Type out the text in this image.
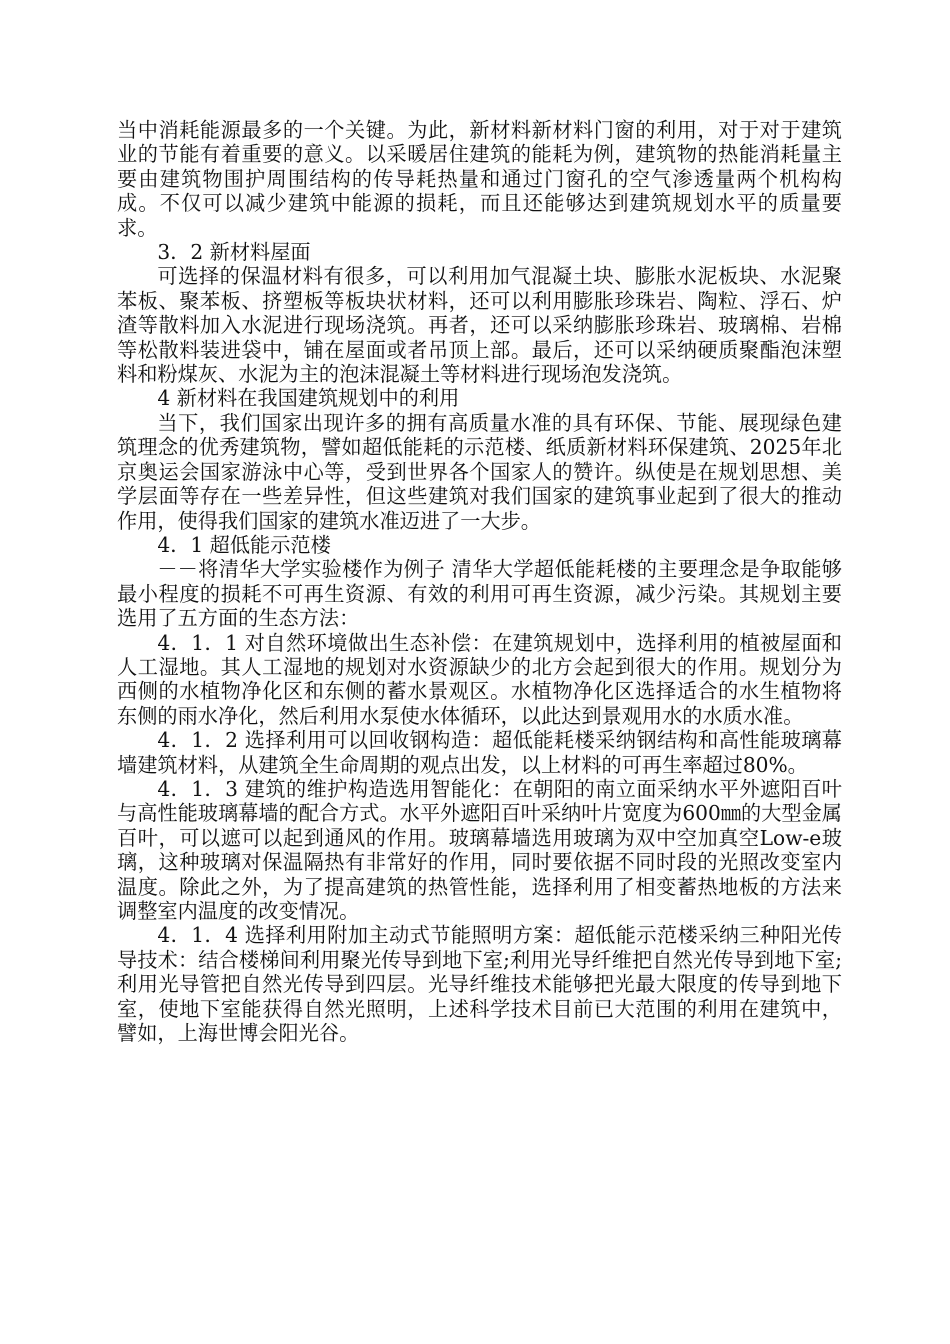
当中消耗能源最多的一个关键。为此，新材料新材料门窗的利用，对于对于建筑业的节能有着重要的意义。以采暖居住建筑的能耗为例，建筑物的热能消耗量主要由建筑物围护周围结构的传导耗热量和通过门窗孔的空气渗透量两个机构构成。不仅可以减少建筑中能源的损耗，而且还能够达到建筑规划水平的质量要求。

3．2 新材料屋面

可选择的保温材料有很多，可以利用加气混凝土块、膨胀水泥板块、水泥聚苯板、聚苯板、挤塑板等板块状材料，还可以利用膨胀珍珠岩、陶粒、浮石、炉渣等散料加入水泥进行现场浇筑。再者，还可以采纳膨胀珍珠岩、玻璃棉、岩棉等松散料装进袋中，铺在屋面或者吊顶上部。最后，还可以采纳硬质聚酯泡沫塑料和粉煤灰、水泥为主的泡沫混凝土等材料进行现场泡发浇筑。

4 新材料在我国建筑规划中的利用

当下，我们国家出现许多的拥有高质量水准的具有环保、节能、展现绿色建筑理念的优秀建筑物，譬如超低能耗的示范楼、纸质新材料环保建筑、2025年北京奥运会国家游泳中心等，受到世界各个国家人的赞许。纵使是在规划思想、美学层面等存在一些差异性，但这些建筑对我们国家的建筑事业起到了很大的推动作用，使得我们国家的建筑水准迈进了一大步。

4．1 超低能示范楼

－－将清华大学实验楼作为例子 清华大学超低能耗楼的主要理念是争取能够最小程度的损耗不可再生资源、有效的利用可再生资源，减少污染。其规划主要选用了五方面的生态方法：

4．1．1 对自然环境做出生态补偿：在建筑规划中，选择利用的植被屋面和人工湿地。其人工湿地的规划对水资源缺少的北方会起到很大的作用。规划分为西侧的水植物净化区和东侧的蓄水景观区。水植物净化区选择适合的水生植物将东侧的雨水净化，然后利用水泵使水体循环，以此达到景观用水的水质水准。

4．1．2 选择利用可以回收钢构造：超低能耗楼采纳钢结构和高性能玻璃幕墙建筑材料，从建筑全生命周期的观点出发，以上材料的可再生率超过80%。

4．1．3 建筑的维护构造选用智能化：在朝阳的南立面采纳水平外遮阳百叶与高性能玻璃幕墙的配合方式。水平外遮阳百叶采纳叶片宽度为600㎜的大型金属百叶，可以遮可以起到通风的作用。玻璃幕墙选用玻璃为双中空加真空Low-e玻璃，这种玻璃对保温隔热有非常好的作用，同时要依据不同时段的光照改变室内温度。除此之外，为了提高建筑的热管性能，选择利用了相变蓄热地板的方法来调整室内温度的改变情况。

4．1．4 选择利用附加主动式节能照明方案：超低能示范楼采纳三种阳光传导技术：结合楼梯间利用聚光传导到地下室;利用光导纤维把自然光传导到地下室;利用光导管把自然光传导到四层。光导纤维技术能够把光最大限度的传导到地下室，使地下室能获得自然光照明，上述科学技术目前已大范围的利用在建筑中，譬如，上海世博会阳光谷。
